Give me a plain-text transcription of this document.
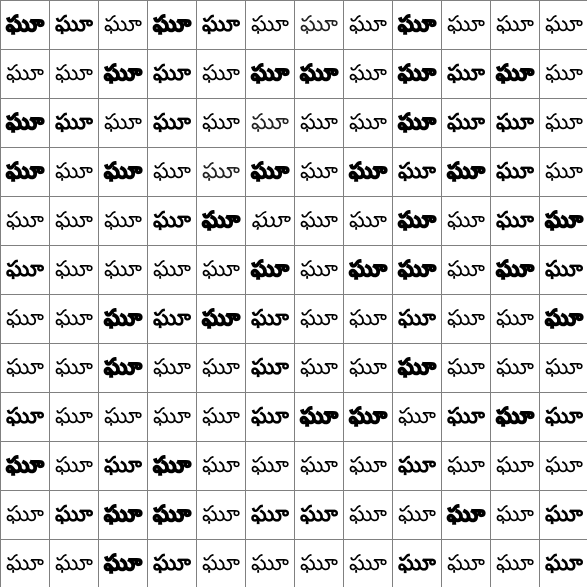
ఘూ ఘూ ఘూ ఘూ ఘూ ఘూ ఘూ ఘూ ఘూ ఘూ ఘూ ఘూ
ఘూ ఘూ ఘూ ఘూ ఘూ ఘూ ఘూ ఘూ ఘూ ఘూ ఘూ ఘూ
ఘూ ఘూ ఘూ ఘూ ఘూ ఘూ ఘూ ఘూ ఘూ ఘూ ఘూ ఘూ
ఘూ ఘూ ఘూ ఘూ ఘూ ఘూ ఘూ ఘూ ఘూ ఘూ ఘూ ఘూ
ఘూ ఘూ ఘూ ఘూ ఘూ ఘూ ఘూ ఘూ ఘూ ఘూ ఘూ ఘూ
ఘూ ఘూ ఘూ ఘూ ఘూ ఘూ ఘూ ఘూ ఘూ ఘూ ఘూ ఘూ
ఘూ ఘూ ఘూ ఘూ ఘూ ఘూ ఘూ ఘూ ఘూ ఘూ ఘూ ఘూ
ఘూ ఘూ ఘూ ఘూ ఘూ ఘూ ఘూ ఘూ ఘూ ఘూ ఘూ ఘూ
ఘూ ఘూ ఘూ ఘూ ఘూ ఘూ ఘూ ఘూ ఘూ ఘూ ఘూ ఘూ
ఘూ ఘూ ఘూ ఘూ ఘూ ఘూ ఘూ ఘూ ఘూ ఘూ ఘూ ఘూ
ఘూ ఘూ ఘూ ఘూ ఘూ ఘూ ఘూ ఘూ ఘూ ఘూ ఘూ ఘూ
ఘూ ఘూ ఘూ ఘూ ఘూ ఘూ ఘూ ఘూ ఘూ ఘూ ఘూ ఘూ
